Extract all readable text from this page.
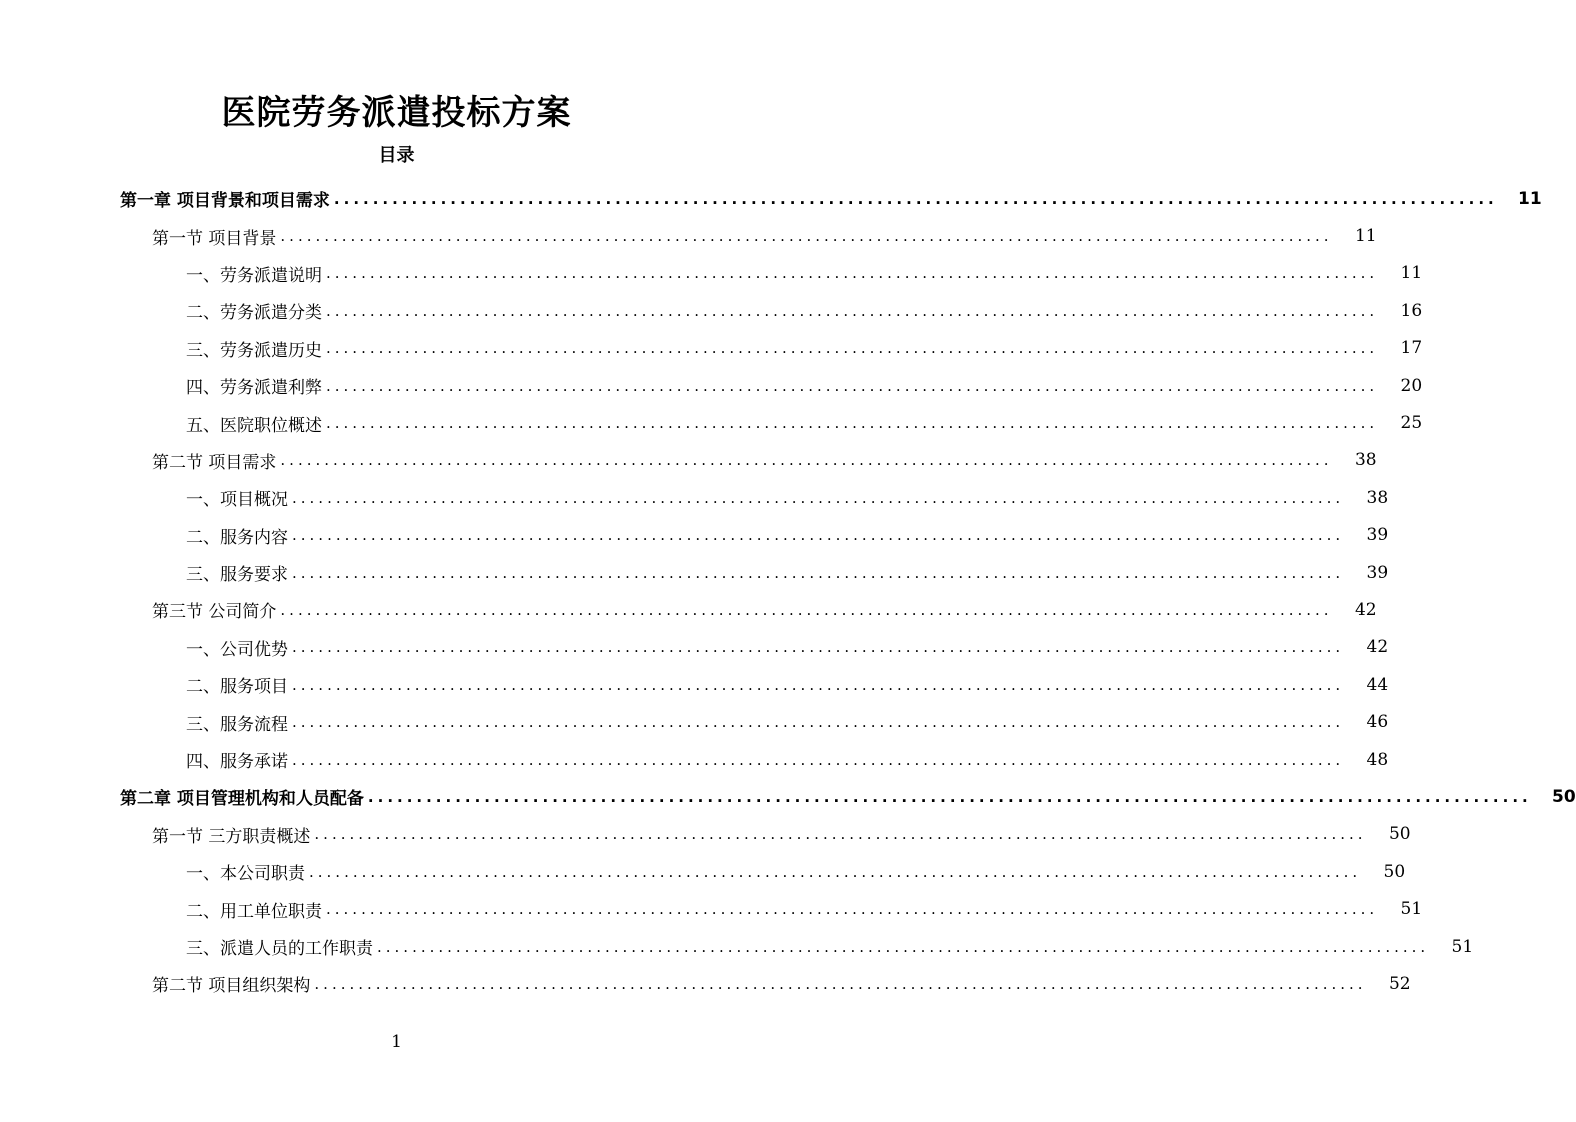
医院劳务派遣投标方案
目录
第一章 项目背景和项目需求 ........................................................................................................................	11
第一节 项目背景 ........................................................................................................................	11
一、劳务派遣说明 ........................................................................................................................	11
二、劳务派遣分类 ........................................................................................................................	16
三、劳务派遣历史 ........................................................................................................................	17
四、劳务派遣利弊 ........................................................................................................................	20
五、医院职位概述 ........................................................................................................................	25
第二节 项目需求 ........................................................................................................................	38
一、项目概况 ........................................................................................................................	38
二、服务内容 ........................................................................................................................	39
三、服务要求 ........................................................................................................................	39
第三节 公司简介 ........................................................................................................................	42
一、公司优势 ........................................................................................................................	42
二、服务项目 ........................................................................................................................	44
三、服务流程 ........................................................................................................................	46
四、服务承诺 ........................................................................................................................	48
第二章 项目管理机构和人员配备 ........................................................................................................................	50
第一节 三方职责概述 ........................................................................................................................	50
一、本公司职责 ........................................................................................................................	50
二、用工单位职责 ........................................................................................................................	51
三、派遣人员的工作职责 ........................................................................................................................	51
第二节 项目组织架构 ........................................................................................................................	52
1
